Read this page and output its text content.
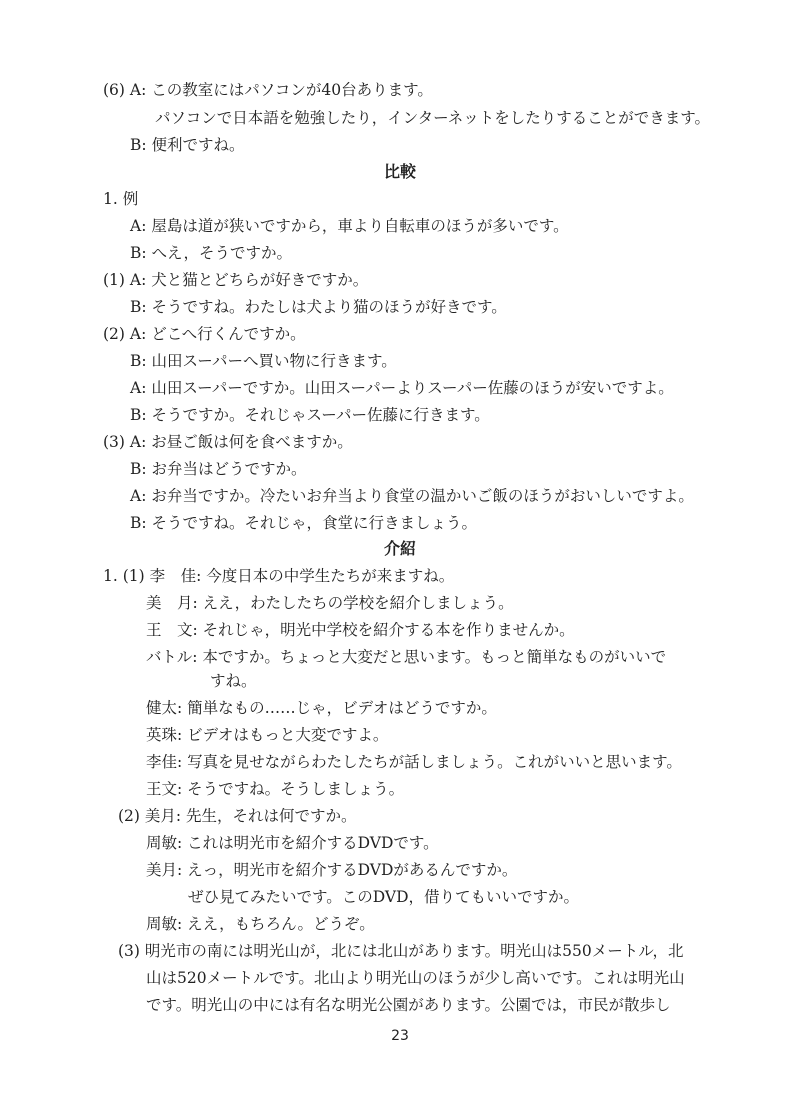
(6) A: この教室にはパソコンが40台あります。
パソコンで日本語を勉強したり，インターネットをしたりすることができます。
B: 便利ですね。
比較
1. 例
A: 屋島は道が狭いですから，車より自転車のほうが多いです。
B: へえ，そうですか。
(1) A: 犬と猫とどちらが好きですか。
B: そうですね。わたしは犬より猫のほうが好きです。
(2) A: どこへ行くんですか。
B: 山田スーパーへ買い物に行きます。
A: 山田スーパーですか。山田スーパーよりスーパー佐藤のほうが安いですよ。
B: そうですか。それじゃスーパー佐藤に行きます。
(3) A: お昼ご飯は何を食べますか。
B: お弁当はどうですか。
A: お弁当ですか。冷たいお弁当より食堂の温かいご飯のほうがおいしいですよ。
B: そうですね。それじゃ，食堂に行きましょう。
介紹
1. (1) 李　佳: 今度日本の中学生たちが来ますね。
美　月: ええ，わたしたちの学校を紹介しましょう。
王　文: それじゃ，明光中学校を紹介する本を作りませんか。
バトル: 本ですか。ちょっと大変だと思います。もっと簡単なものがいいで
すね。
健太: 簡単なもの……じゃ，ビデオはどうですか。
英珠: ビデオはもっと大変ですよ。
李佳: 写真を見せながらわたしたちが話しましょう。これがいいと思います。
王文: そうですね。そうしましょう。
(2) 美月: 先生，それは何ですか。
周敏: これは明光市を紹介するDVDです。
美月: えっ，明光市を紹介するDVDがあるんですか。
ぜひ見てみたいです。このDVD，借りてもいいですか。
周敏: ええ，もちろん。どうぞ。
(3) 明光市の南には明光山が，北には北山があります。明光山は550メートル，北
山は520メートルです。北山より明光山のほうが少し高いです。これは明光山
です。明光山の中には有名な明光公園があります。公園では，市民が散歩し
23
